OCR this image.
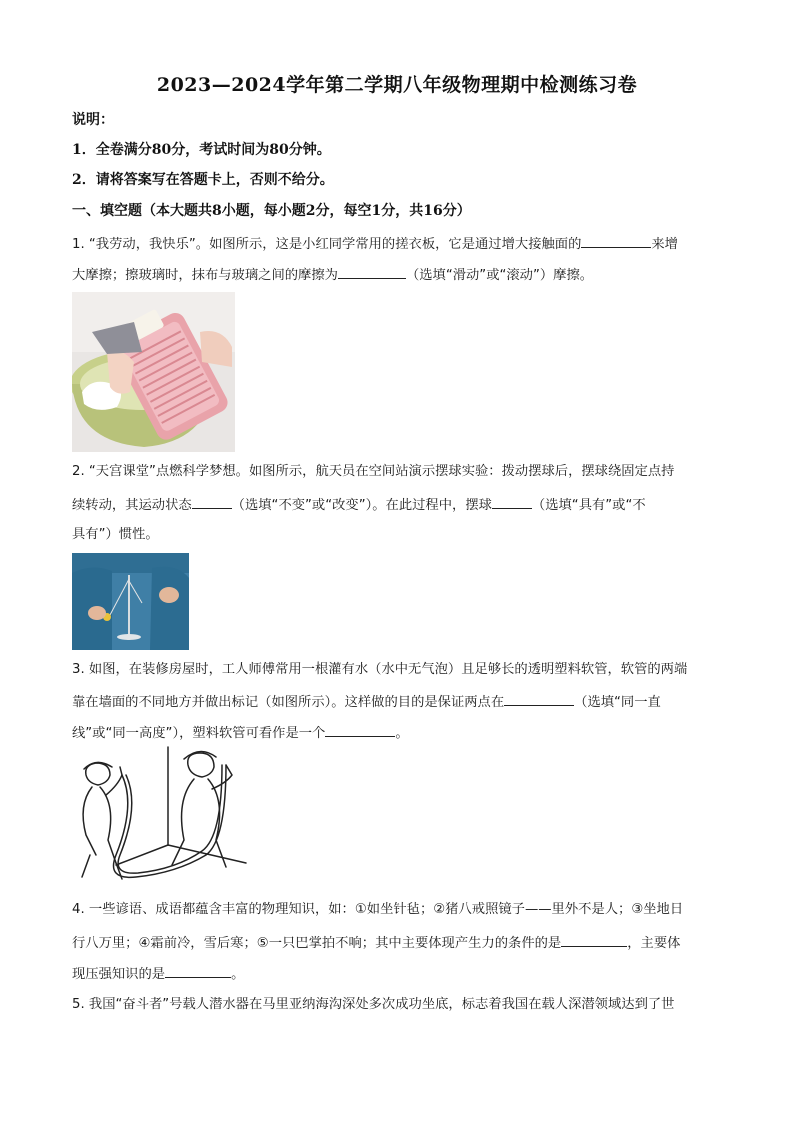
2023—2024学年第二学期八年级物理期中检测练习卷
说明：
1．全卷满分80分，考试时间为80分钟。
2．请将答案写在答题卡上，否则不给分。
一、填空题（本大题共8小题，每小题2分，每空1分，共16分）
1. “我劳动，我快乐”。如图所示，这是小红同学常用的搓衣板，它是通过增大接触面的	来增
大摩擦；擦玻璃时，抹布与玻璃之间的摩擦为	（选填“滑动”或“滚动”）摩擦。
2. “天宫课堂”点燃科学梦想。如图所示，航天员在空间站演示摆球实验：拨动摆球后，摆球绕固定点持
续转动，其运动状态	（选填“不变”或“改变”）。在此过程中，摆球	（选填“具有”或“不
具有”）惯性。
3. 如图，在装修房屋时，工人师傅常用一根灌有水（水中无气泡）且足够长的透明塑料软管，软管的两端
靠在墙面的不同地方并做出标记（如图所示）。这样做的目的是保证两点在	（选填“同一直
线”或“同一高度”），塑料软管可看作是一个	。
4. 一些谚语、成语都蕴含丰富的物理知识，如：①如坐针毡；②猪八戒照镜子——里外不是人；③坐地日
行八万里；④霜前冷，雪后寒；⑤一只巴掌拍不响；其中主要体现产生力的条件的是	，主要体
现压强知识的是	。
5. 我国“奋斗者”号载人潜水器在马里亚纳海沟深处多次成功坐底，标志着我国在载人深潜领域达到了世
